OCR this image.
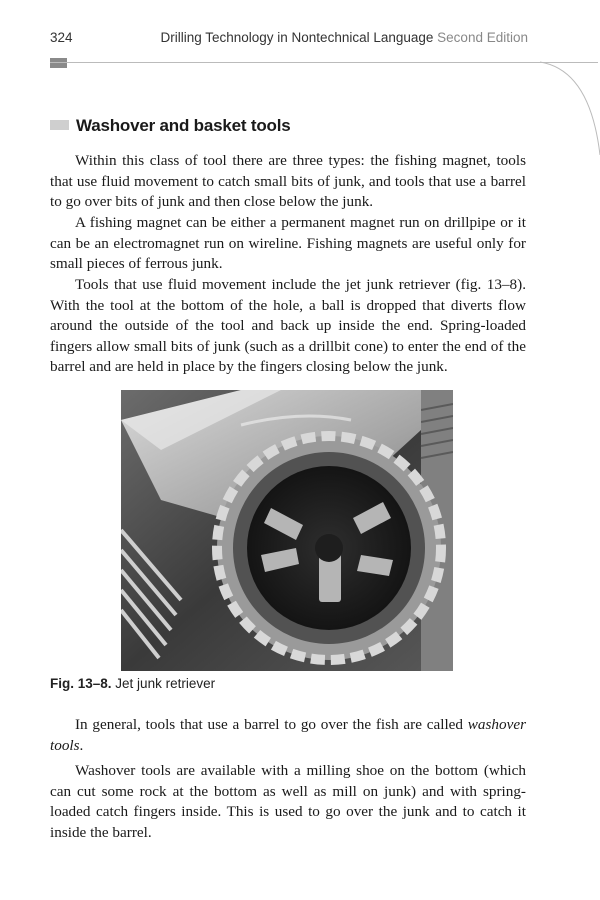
324	Drilling Technology in Nontechnical Language Second Edition
Washover and basket tools

Within this class of tool there are three types: the fishing magnet, tools that use fluid movement to catch small bits of junk, and tools that use a barrel to go over bits of junk and then close below the junk.

A fishing magnet can be either a permanent magnet run on drillpipe or it can be an electromagnet run on wireline. Fishing magnets are useful only for small pieces of ferrous junk.

Tools that use fluid movement include the jet junk retriever (fig. 13–8). With the tool at the bottom of the hole, a ball is dropped that diverts flow around the outside of the tool and back up inside the end. Spring-loaded fingers allow small bits of junk (such as a drillbit cone) to enter the end of the barrel and are held in place by the fingers closing below the junk.

Fig. 13–8. Jet junk retriever

In general, tools that use a barrel to go over the fish are called washover tools.

Washover tools are available with a milling shoe on the bottom (which can cut some rock at the bottom as well as mill on junk) and with spring-loaded catch fingers inside. This is used to go over the junk and to catch it inside the barrel.
